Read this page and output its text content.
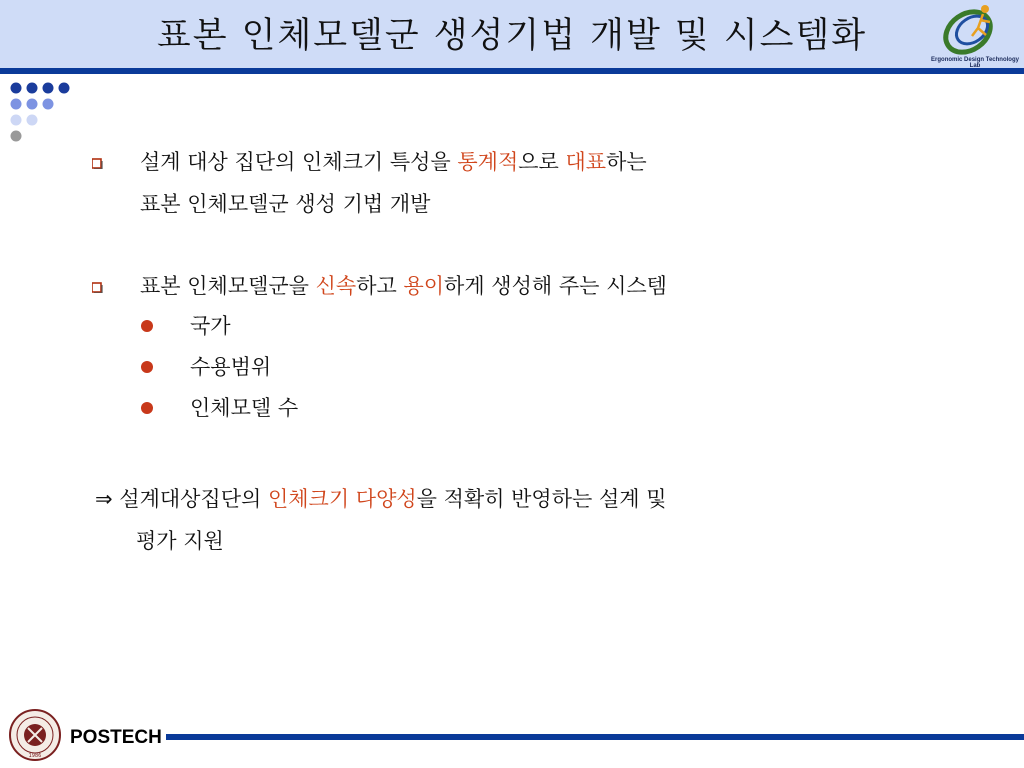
표본 인체모델군 생성기법 개발 및 시스템화
Ergonomic Design Technology Lab
설계 대상 집단의 인체크기 특성을 통계적으로 대표하는
표본 인체모델군 생성 기법 개발
표본 인체모델군을 신속하고 용이하게 생성해 주는 시스템
국가
수용범위
인체모델 수
⇒ 설계대상집단의 인체크기 다양성을 적확히 반영하는 설계 및
평가 지원
1986
POSTECH
